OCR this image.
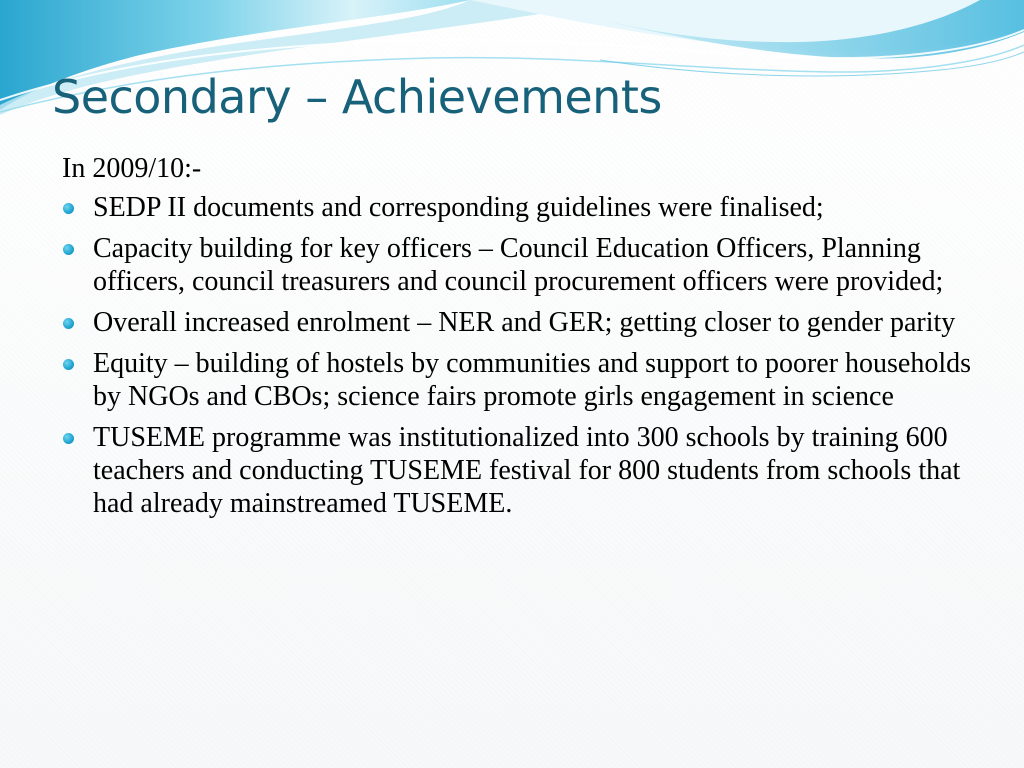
Secondary – Achievements

In 2009/10:-

SEDP II documents and corresponding guidelines were finalised;
Capacity building for key officers – Council Education Officers, Planning officers, council treasurers and council procurement officers were provided;
Overall increased enrolment – NER and GER; getting closer to gender parity
Equity – building of hostels by communities and support to poorer households by NGOs and CBOs; science fairs promote girls engagement in science
TUSEME programme was institutionalized into 300 schools by training 600 teachers and conducting TUSEME festival for 800 students from schools that had already mainstreamed TUSEME.
